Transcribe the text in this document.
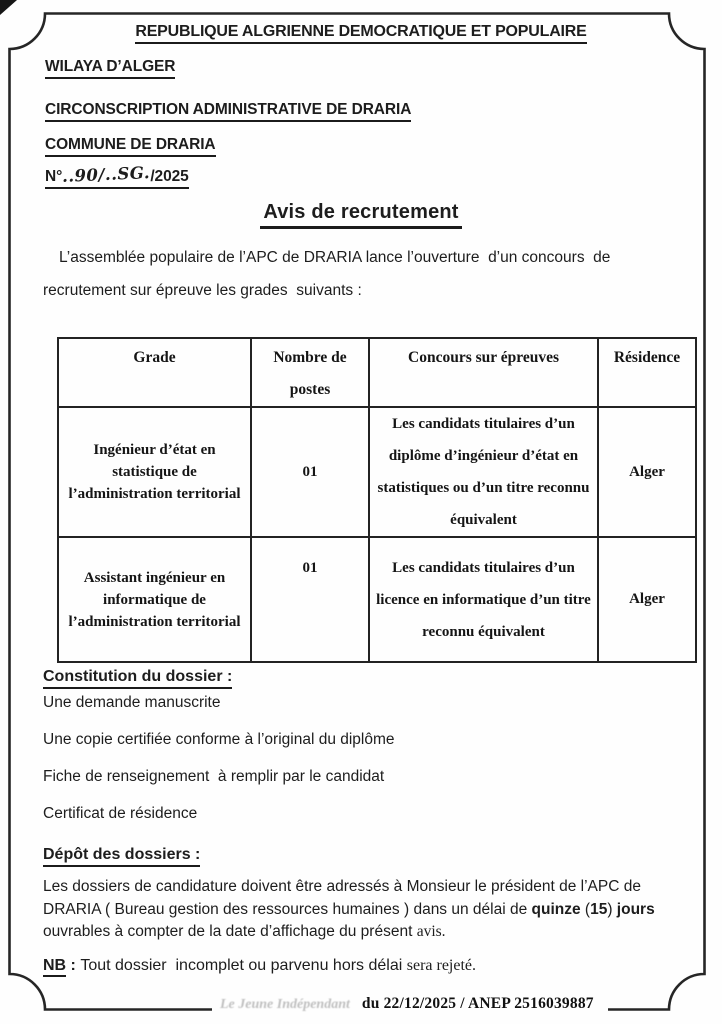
REPUBLIQUE ALGRIENNE DEMOCRATIQUE ET POPULAIRE
WILAYA D’ALGER
CIRCONSCRIPTION ADMINISTRATIVE DE DRARIA
COMMUNE DE DRARIA
N°..90/..SG./2025
Avis de recrutement
L’assemblée populaire de l’APC de DRARIA lance l’ouverture  d’un concours  de recrutement sur épreuve les grades  suivants :
Grade	Nombre de postes	Concours sur épreuves	Résidence
Ingénieur d’état en statistique de l’administration territorial	01	Les candidats titulaires d’un diplôme d’ingénieur d’état en statistiques ou d’un titre reconnu équivalent	Alger
Assistant ingénieur en informatique de l’administration territorial	01	Les candidats titulaires d’un licence en informatique d’un titre reconnu équivalent	Alger
Constitution du dossier :
Une demande manuscrite
Une copie certifiée conforme à l’original du diplôme
Fiche de renseignement  à remplir par le candidat
Certificat de résidence
Dépôt des dossiers :
Les dossiers de candidature doivent être adressés à Monsieur le président de l’APC de DRARIA ( Bureau gestion des ressources humaines ) dans un délai de quinze (15) jours ouvrables à compter de la date d’affichage du présent avis.
NB : Tout dossier  incomplet ou parvenu hors délai sera rejeté.
Le Jeune Indépendant du 22/12/2025 / ANEP 2516039887
